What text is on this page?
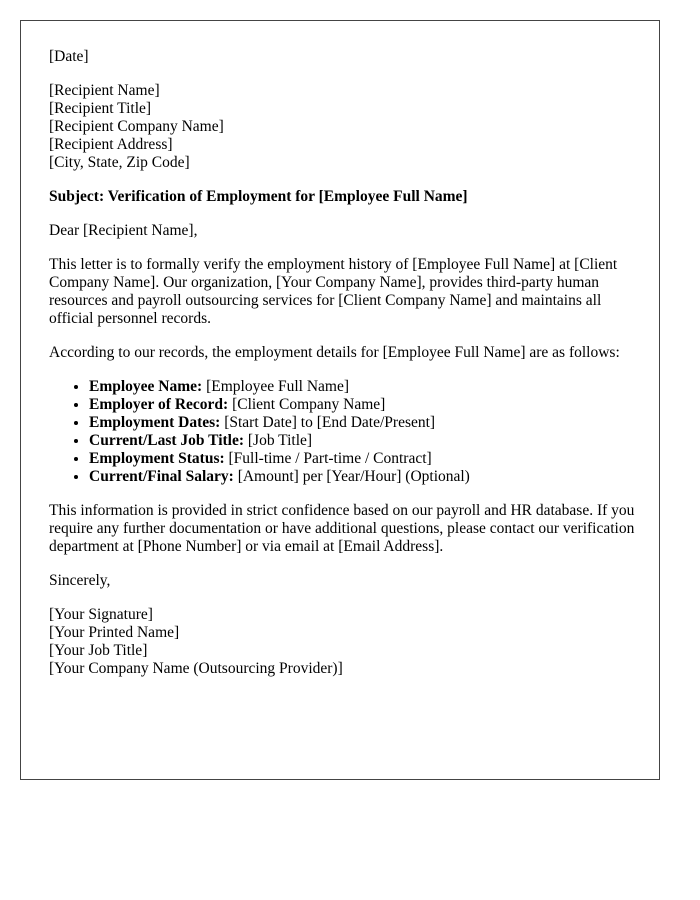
[Date]
[Recipient Name]
[Recipient Title]
[Recipient Company Name]
[Recipient Address]
[City, State, Zip Code]

Subject: Verification of Employment for [Employee Full Name]

Dear [Recipient Name],

This letter is to formally verify the employment history of [Employee Full Name] at [Client Company Name]. Our organization, [Your Company Name], provides third-party human resources and payroll outsourcing services for [Client Company Name] and maintains all official personnel records.

According to our records, the employment details for [Employee Full Name] are as follows:

• Employee Name: [Employee Full Name]
• Employer of Record: [Client Company Name]
• Employment Dates: [Start Date] to [End Date/Present]
• Current/Last Job Title: [Job Title]
• Employment Status: [Full-time / Part-time / Contract]
• Current/Final Salary: [Amount] per [Year/Hour] (Optional)

This information is provided in strict confidence based on our payroll and HR database. If you require any further documentation or have additional questions, please contact our verification department at [Phone Number] or via email at [Email Address].

Sincerely,

[Your Signature]
[Your Printed Name]
[Your Job Title]
[Your Company Name (Outsourcing Provider)]
